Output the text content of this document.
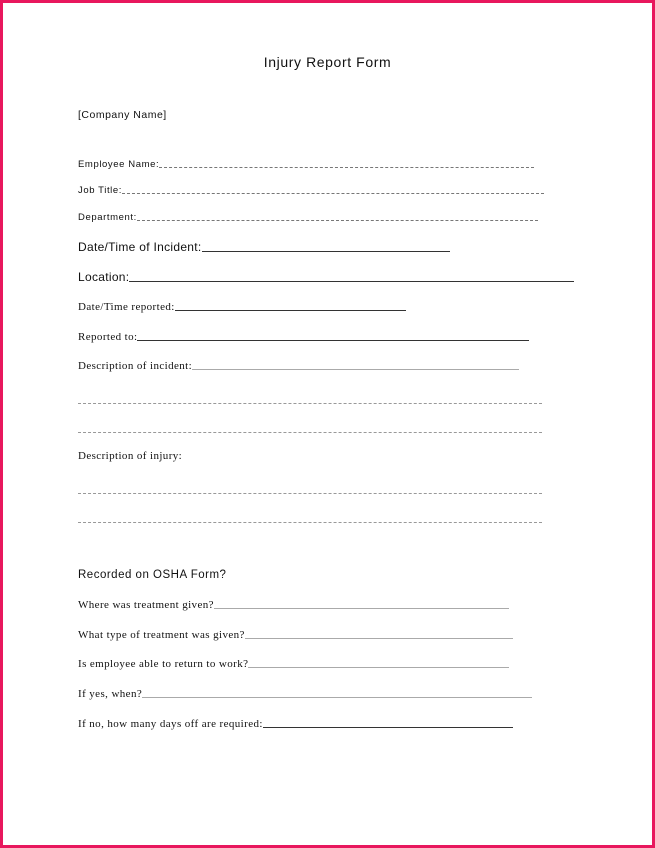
Injury Report Form
[Company Name]
Employee Name:
Job Title:
Department:
Date/Time of Incident:
Location:
Date/Time reported:
Reported to:
Description of incident:
Description of injury:
Recorded on OSHA Form?
Where was treatment given?
What type of treatment was given?
Is employee able to return to work?
If yes, when?
If no, how many days off are required:
